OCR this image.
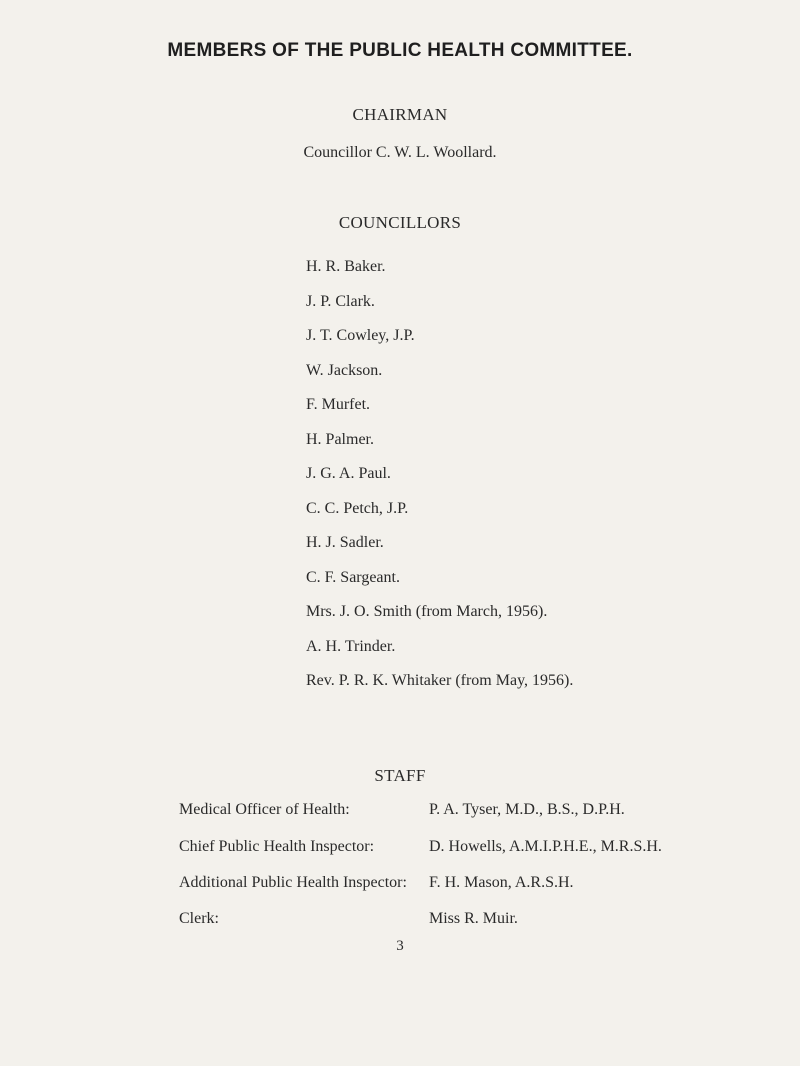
MEMBERS OF THE PUBLIC HEALTH COMMITTEE.
CHAIRMAN
Councillor C. W. L. Woollard.
COUNCILLORS
H. R. Baker.
J. P. Clark.
J. T. Cowley, J.P.
W. Jackson.
F. Murfet.
H. Palmer.
J. G. A. Paul.
C. C. Petch, J.P.
H. J. Sadler.
C. F. Sargeant.
Mrs. J. O. Smith (from March, 1956).
A. H. Trinder.
Rev. P. R. K. Whitaker (from May, 1956).
STAFF
Medical Officer of Health:	P. A. Tyser, M.D., B.S., D.P.H.
Chief Public Health Inspector:	D. Howells, A.M.I.P.H.E., M.R.S.H.
Additional Public Health Inspector: F. H. Mason, A.R.S.H.
Clerk:	Miss R. Muir.
3
